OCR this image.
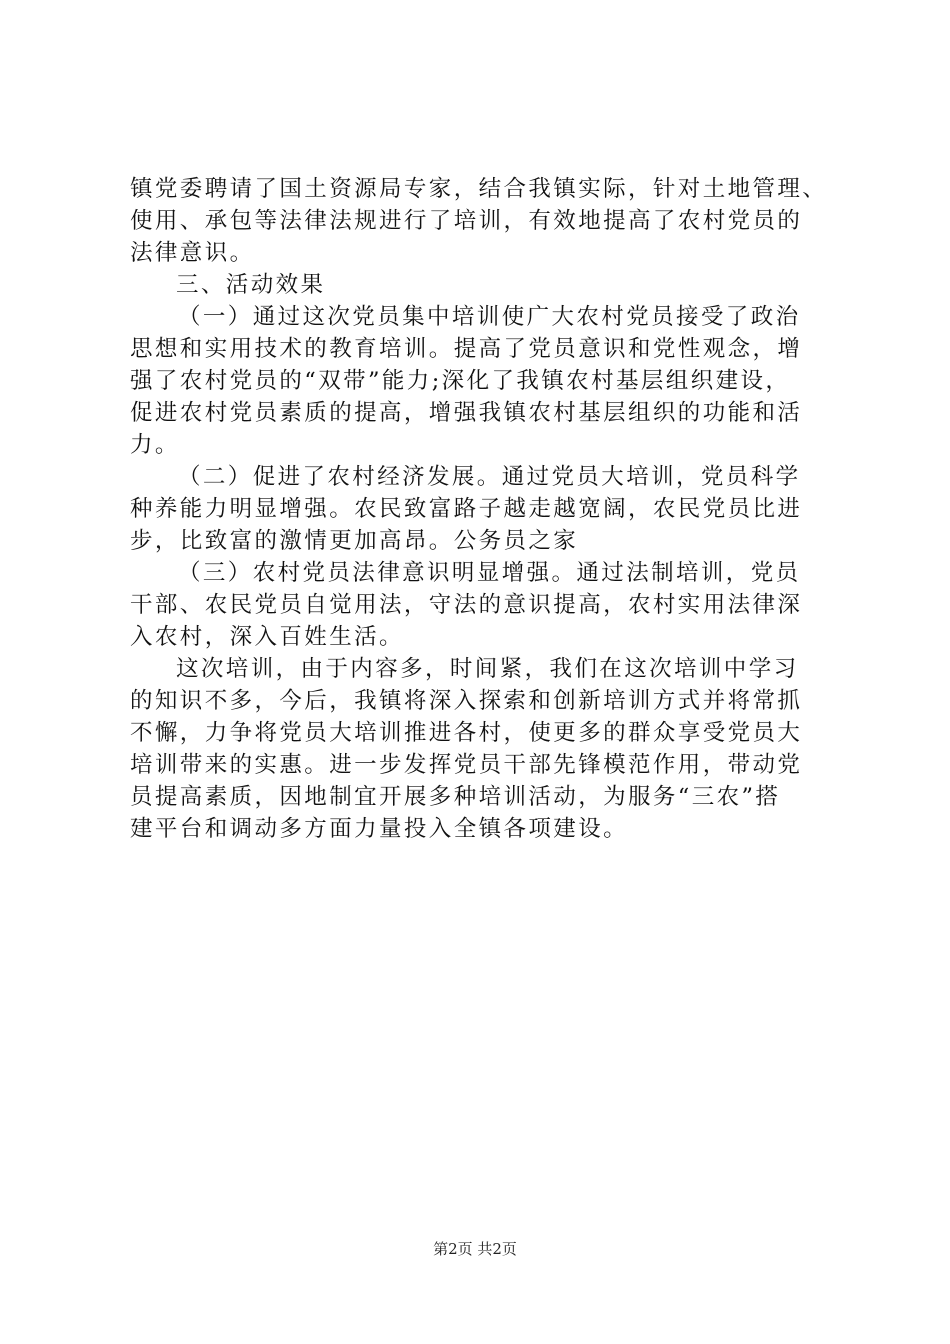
镇党委聘请了国土资源局专家，结合我镇实际，针对土地管理、
使用、承包等法律法规进行了培训，有效地提高了农村党员的
法律意识。
三、活动效果
（一）通过这次党员集中培训使广大农村党员接受了政治
思想和实用技术的教育培训。提高了党员意识和党性观念，增
强了农村党员的“双带”能力;深化了我镇农村基层组织建设，
促进农村党员素质的提高，增强我镇农村基层组织的功能和活
力。
（二）促进了农村经济发展。通过党员大培训，党员科学
种养能力明显增强。农民致富路子越走越宽阔，农民党员比进
步，比致富的激情更加高昂。公务员之家
（三）农村党员法律意识明显增强。通过法制培训，党员
干部、农民党员自觉用法，守法的意识提高，农村实用法律深
入农村，深入百姓生活。
这次培训，由于内容多，时间紧，我们在这次培训中学习
的知识不多，今后，我镇将深入探索和创新培训方式并将常抓
不懈，力争将党员大培训推进各村，使更多的群众享受党员大
培训带来的实惠。进一步发挥党员干部先锋模范作用，带动党
员提高素质，因地制宜开展多种培训活动，为服务“三农”搭
建平台和调动多方面力量投入全镇各项建设。
第2页 共2页
